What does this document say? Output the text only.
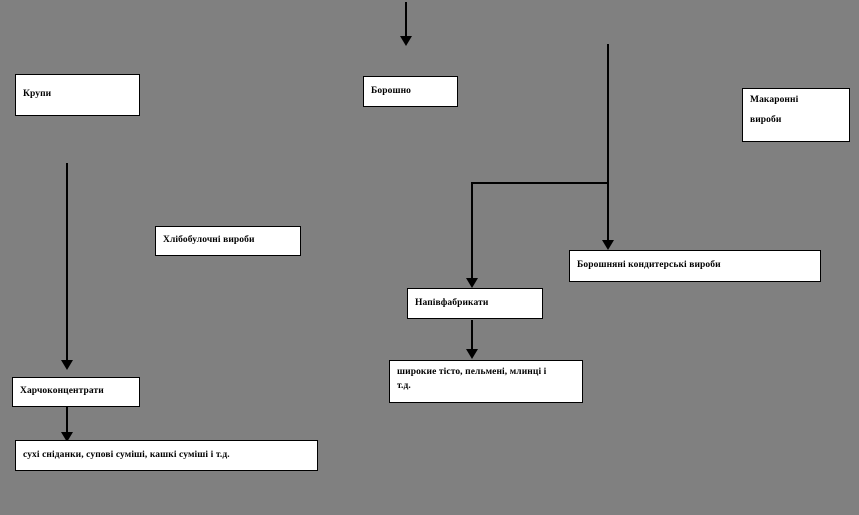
Крупи	Борошно
Макаронні
вироби
Хлібобулочні вироби
Борошняні кондитерські вироби
Напівфабрикати
широкие тісто, пельмені, млинці і
т.д.
Харчоконцентрати
сухі сніданки, супові суміші, кашкі суміші і т.д.
